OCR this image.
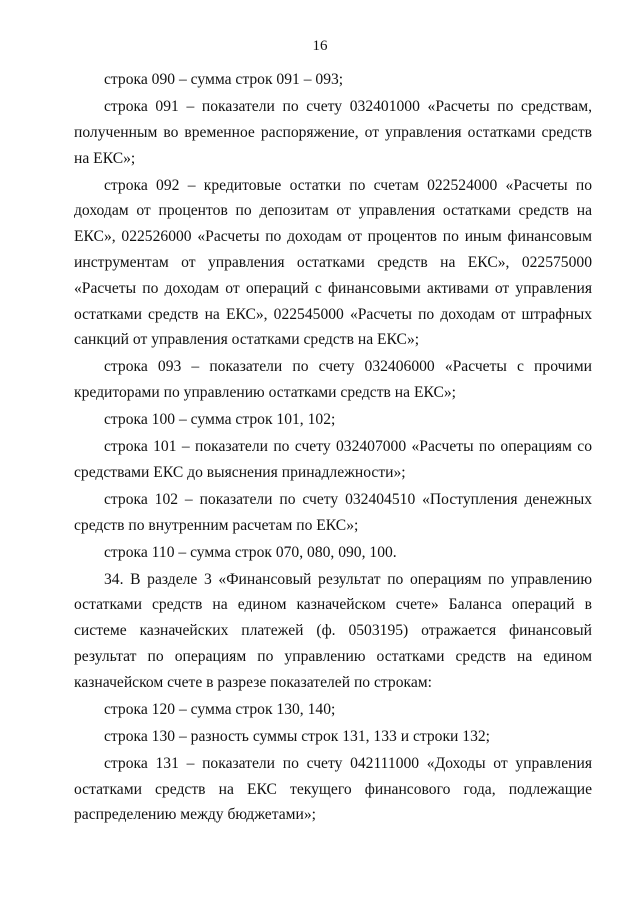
16

строка 090 – сумма строк 091 – 093;

строка 091 – показатели по счету 032401000 «Расчеты по средствам, полученным во временное распоряжение, от управления остатками средств на ЕКС»;

строка 092 – кредитовые остатки по счетам 022524000 «Расчеты по доходам от процентов по депозитам от управления остатками средств на ЕКС», 022526000 «Расчеты по доходам от процентов по иным финансовым инструментам от управления остатками средств на ЕКС», 022575000 «Расчеты по доходам от операций с финансовыми активами от управления остатками средств на ЕКС», 022545000 «Расчеты по доходам от штрафных санкций от управления остатками средств на ЕКС»;

строка 093 – показатели по счету 032406000 «Расчеты с прочими кредиторами по управлению остатками средств на ЕКС»;

строка 100 – сумма строк 101, 102;

строка 101 – показатели по счету 032407000 «Расчеты по операциям со средствами ЕКС до выяснения принадлежности»;

строка 102 – показатели по счету 032404510 «Поступления денежных средств по внутренним расчетам по ЕКС»;

строка 110 – сумма строк 070, 080, 090, 100.

34. В разделе 3 «Финансовый результат по операциям по управлению остатками средств на едином казначейском счете» Баланса операций в системе казначейских платежей (ф. 0503195) отражается финансовый результат по операциям по управлению остатками средств на едином казначейском счете в разрезе показателей по строкам:

строка 120 – сумма строк 130, 140;

строка 130 – разность суммы строк 131, 133 и строки 132;

строка 131 – показатели по счету 042111000 «Доходы от управления остатками средств на ЕКС текущего финансового года, подлежащие распределению между бюджетами»;
